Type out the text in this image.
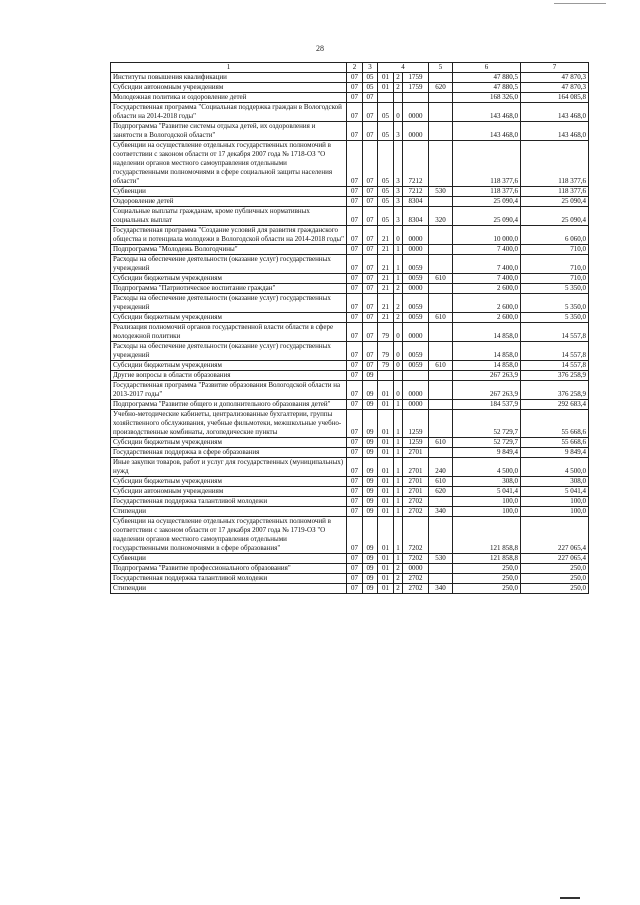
28
1	2	3	4			5	6	7
Институты повышения квалификации	07	05	01	2	1759		47 880,5	47 870,3
Субсидии автономным учреждениям	07	05	01	2	1759	620	47 880,5	47 870,3
Молодежная политика и оздоровление детей	07	07					168 326,0	164 085,8
Государственная программа "Социальная поддержка граждан в Вологодской области на 2014-2018 годы"	07	07	05	0	0000		143 468,0	143 468,0
Подпрограмма "Развитие системы отдыха детей, их оздоровления и занятости в Вологодской области"	07	07	05	3	0000		143 468,0	143 468,0
Субвенции на осуществление отдельных государственных полномочий в соответствии с законом области от 17 декабря 2007 года № 1718-ОЗ "О наделении органов местного самоуправления отдельными государственными полномочиями в сфере социальной защиты населения области"	07	07	05	3	7212		118 377,6	118 377,6
Субвенции	07	07	05	3	7212	530	118 377,6	118 377,6
Оздоровление детей	07	07	05	3	8304		25 090,4	25 090,4
Социальные выплаты гражданам, кроме публичных нормативных социальных выплат	07	07	05	3	8304	320	25 090,4	25 090,4
Государственная программа "Создание условий для развития гражданского общества и потенциала молодежи в Вологодской области на 2014-2018 годы"	07	07	21	0	0000		10 000,0	6 060,0
Подпрограмма "Молодежь Вологодчины"	07	07	21	1	0000		7 400,0	710,0
Расходы на обеспечение деятельности (оказание услуг) государственных учреждений	07	07	21	1	0059		7 400,0	710,0
Субсидии бюджетным учреждениям	07	07	21	1	0059	610	7 400,0	710,0
Подпрограмма "Патриотическое воспитание граждан"	07	07	21	2	0000		2 600,0	5 350,0
Расходы на обеспечение деятельности (оказание услуг) государственных учреждений	07	07	21	2	0059		2 600,0	5 350,0
Субсидии бюджетным учреждениям	07	07	21	2	0059	610	2 600,0	5 350,0
Реализация полномочий органов государственной власти области в сфере молодежной политики	07	07	79	0	0000		14 858,0	14 557,8
Расходы на обеспечение деятельности (оказание услуг) государственных учреждений	07	07	79	0	0059		14 858,0	14 557,8
Субсидии бюджетным учреждениям	07	07	79	0	0059	610	14 858,0	14 557,8
Другие вопросы в области образования	07	09					267 263,9	376 258,9
Государственная программа "Развитие образования Вологодской области на 2013-2017 годы"	07	09	01	0	0000		267 263,9	376 258,9
Подпрограмма "Развитие общего и дополнительного образования детей"	07	09	01	1	0000		184 537,9	292 683,4
Учебно-методические кабинеты, централизованные бухгалтерии, группы хозяйственного обслуживания, учебные фильмотеки, межшкольные учебно-производственные комбинаты, логопедические пункты	07	09	01	1	1259		52 729,7	55 668,6
Субсидии бюджетным учреждениям	07	09	01	1	1259	610	52 729,7	55 668,6
Государственная поддержка в сфере образования	07	09	01	1	2701		9 849,4	9 849,4
Иные закупки товаров, работ и услуг для государственных (муниципальных) нужд	07	09	01	1	2701	240	4 500,0	4 500,0
Субсидии бюджетным учреждениям	07	09	01	1	2701	610	308,0	308,0
Субсидии автономным учреждениям	07	09	01	1	2701	620	5 041,4	5 041,4
Государственная поддержка талантливой молодежи	07	09	01	1	2702		100,0	100,0
Стипендии	07	09	01	1	2702	340	100,0	100,0
Субвенции на осуществление отдельных государственных полномочий в соответствии с законом области от 17 декабря 2007 года № 1719-ОЗ "О наделении органов местного самоуправления отдельными государственными полномочиями в сфере образования"	07	09	01	1	7202		121 858,8	227 065,4
Субвенции	07	09	01	1	7202	530	121 858,8	227 065,4
Подпрограмма "Развитие профессионального образования"	07	09	01	2	0000		250,0	250,0
Государственная поддержка талантливой молодежи	07	09	01	2	2702		250,0	250,0
Стипендии	07	09	01	2	2702	340	250,0	250,0
